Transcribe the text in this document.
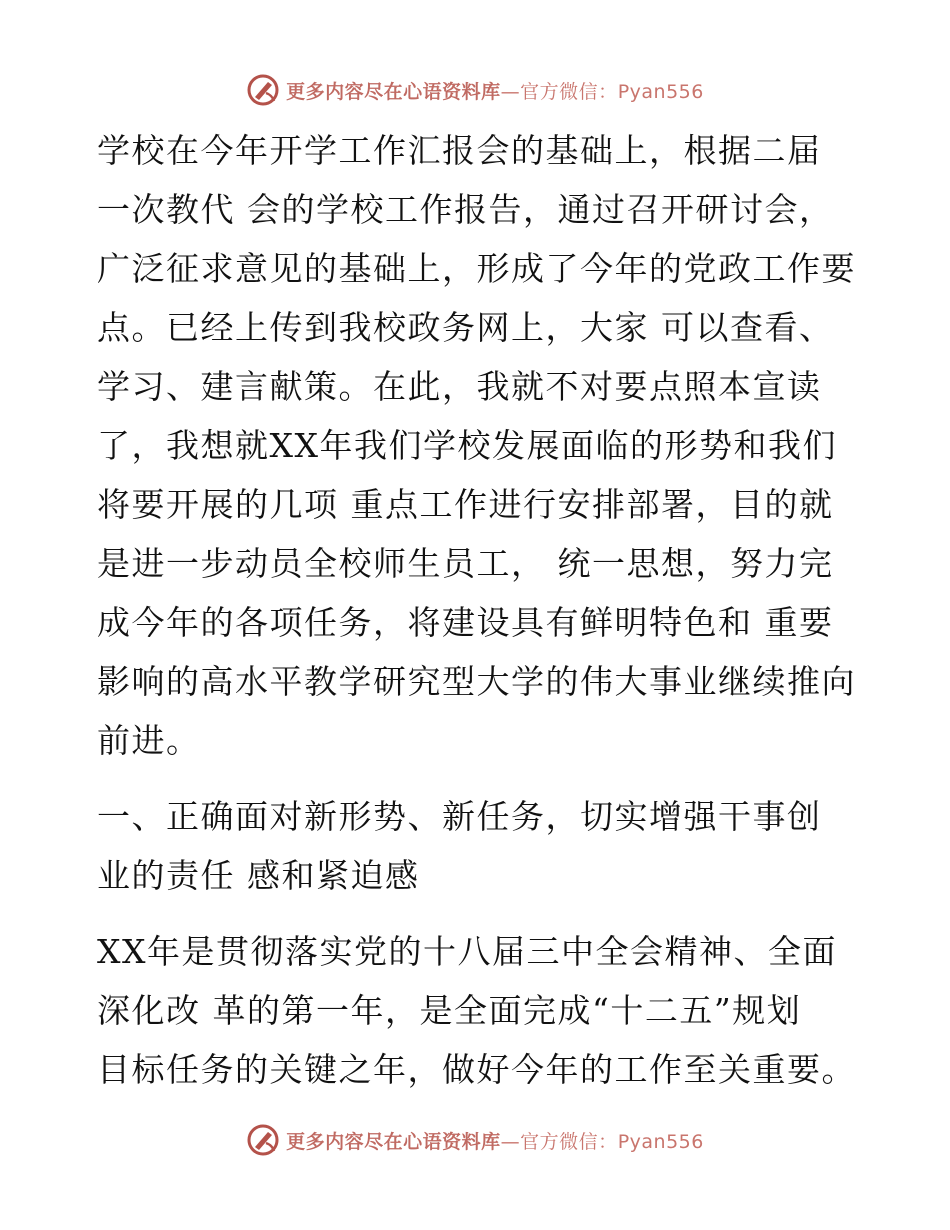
更多内容尽在心语资料库—官方微信：Pyan556
学校在今年开学工作汇报会的基础上，根据二届
一次教代 会的学校工作报告，通过召开研讨会，
广泛征求意见的基础上，形成了今年的党政工作要
点。已经上传到我校政务网上，大家 可以查看、
学习、建言献策。在此，我就不对要点照本宣读
了，我想就XX年我们学校发展面临的形势和我们
将要开展的几项 重点工作进行安排部署，目的就
是进一步动员全校师生员工， 统一思想，努力完
成今年的各项任务，将建设具有鲜明特色和 重要
影响的高水平教学研究型大学的伟大事业继续推向
前进。
一、正确面对新形势、新任务，切实增强干事创
业的责任 感和紧迫感
XX年是贯彻落实党的十八届三中全会精神、全面
深化改 革的第一年，是全面完成“十二五”规划
目标任务的关键之年，做好今年的工作至关重要。
更多内容尽在心语资料库—官方微信：Pyan556
